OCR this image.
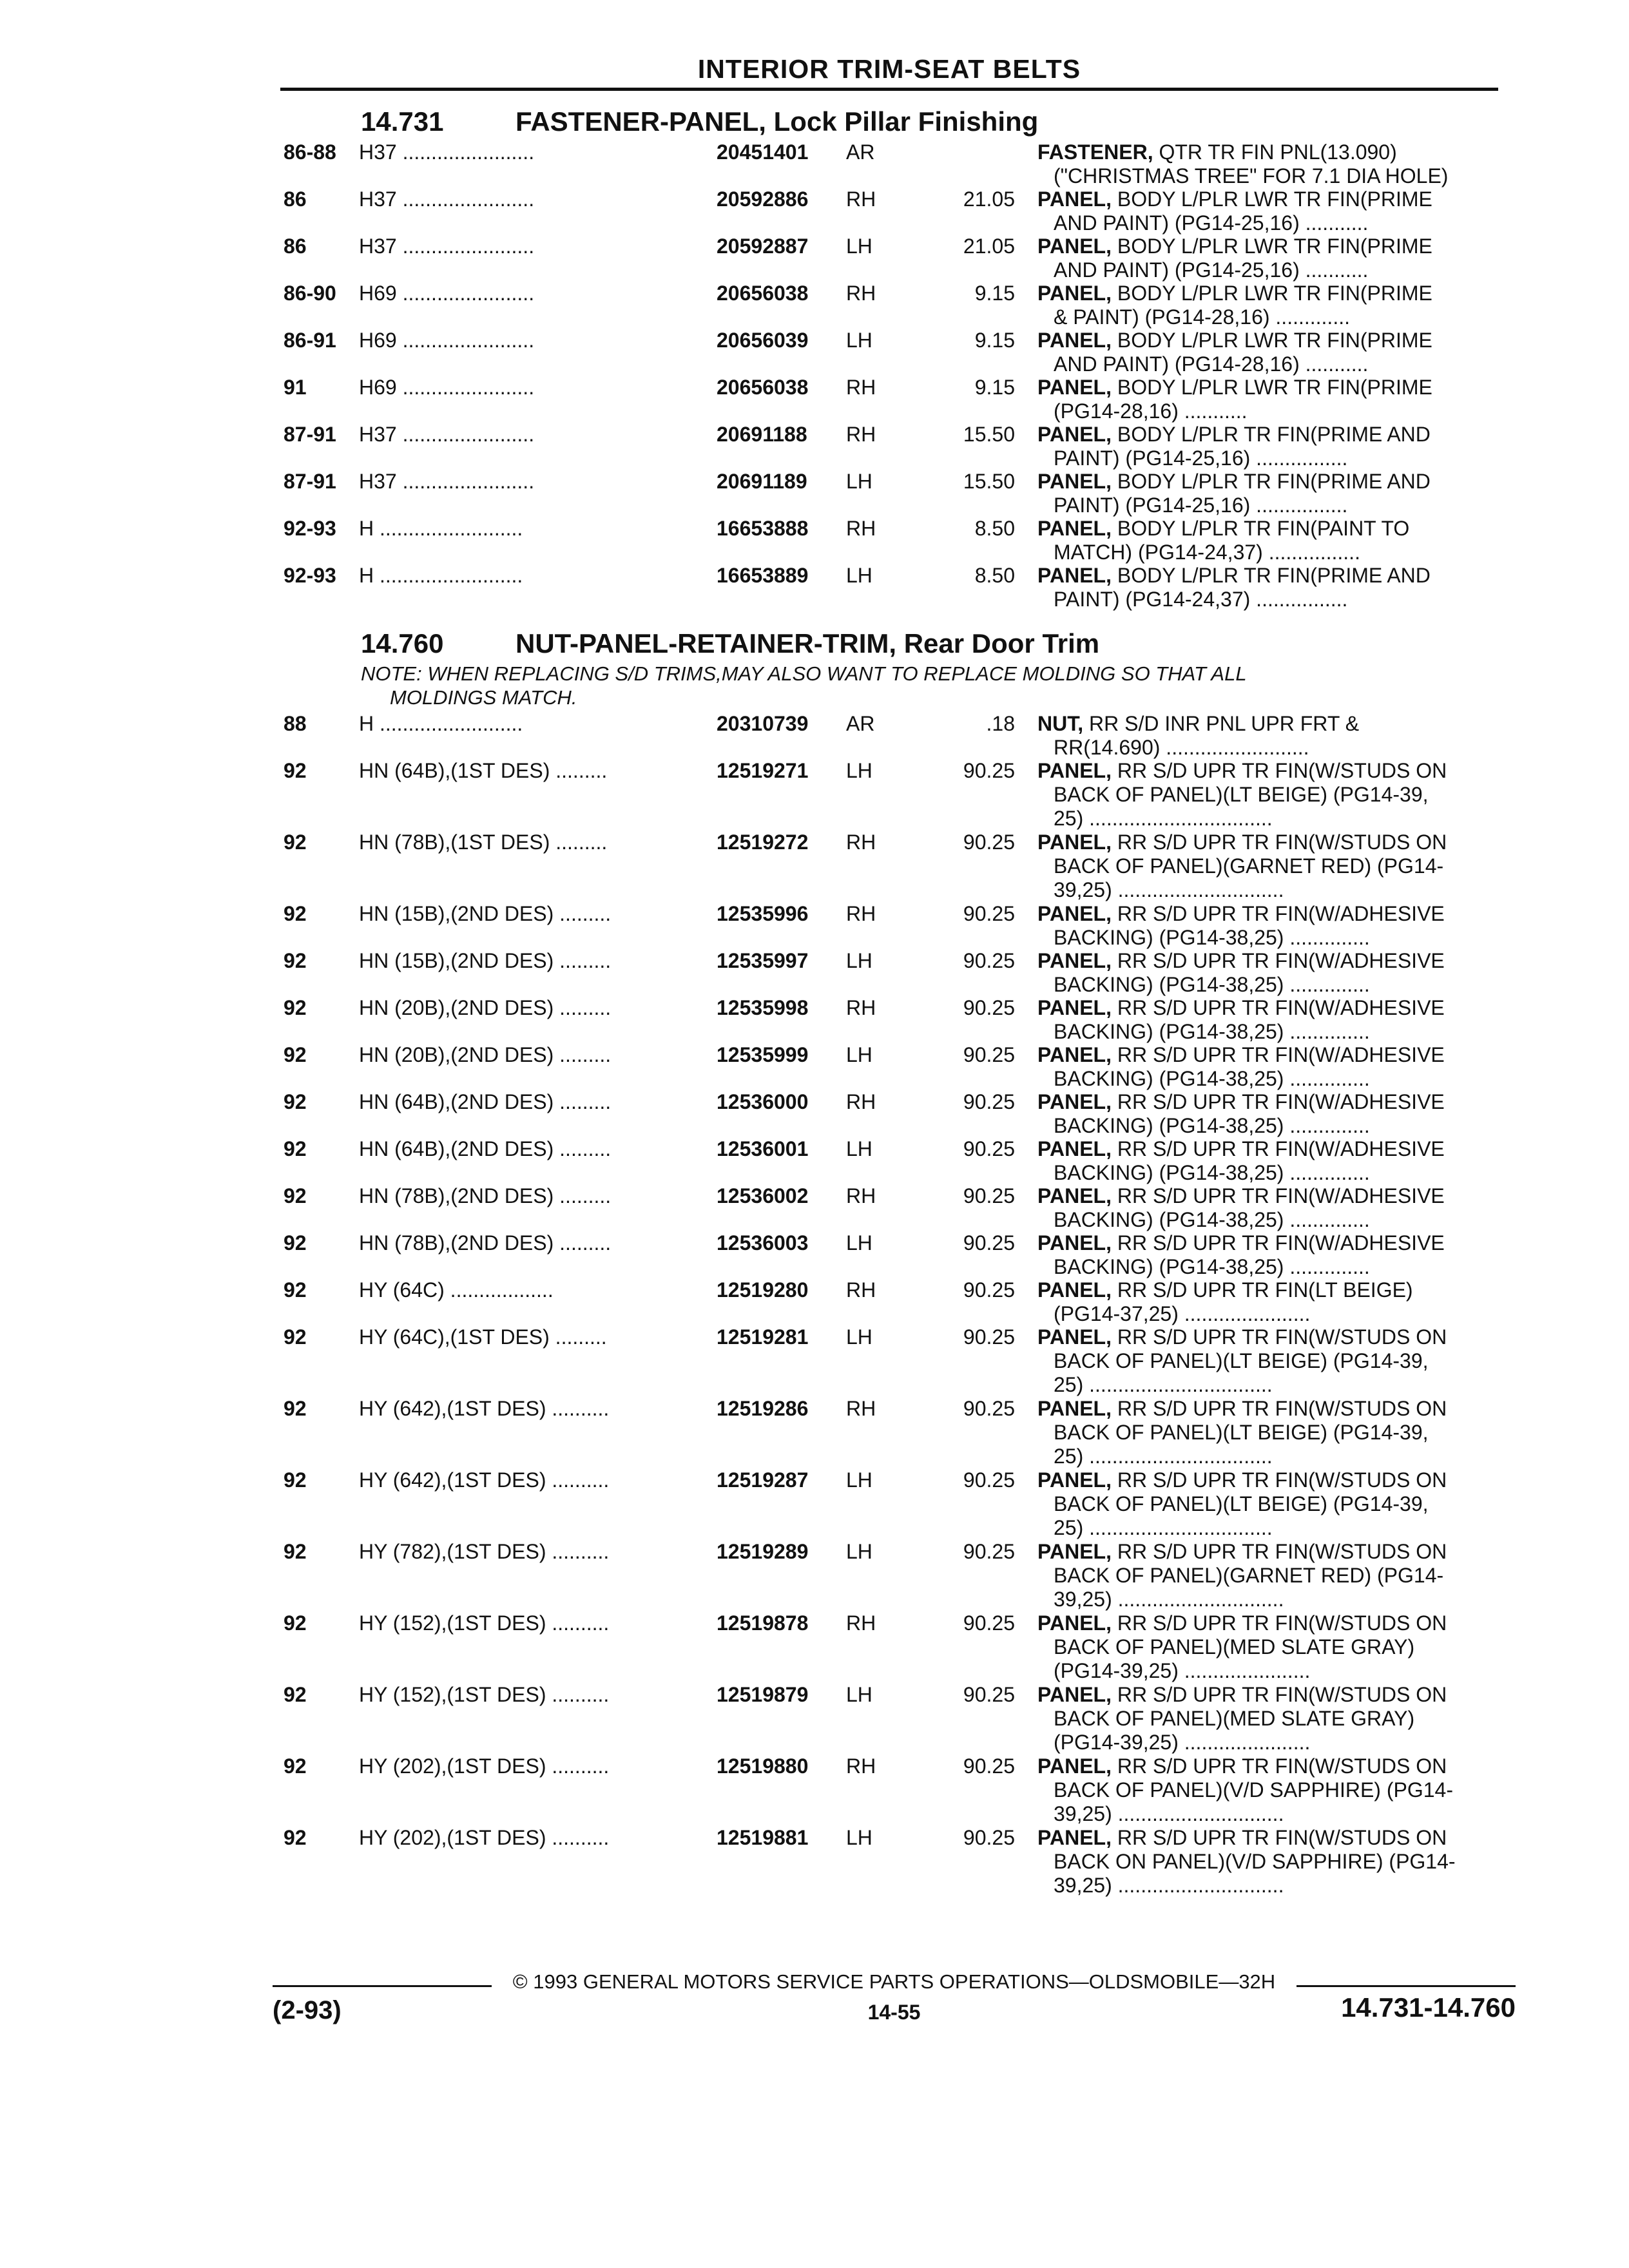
INTERIOR TRIM-SEAT BELTS
14.731	FASTENER-PANEL, Lock Pillar Finishing
86-88 H37 .......................	20451401 AR	FASTENER, QTR TR FIN PNL(13.090)
("CHRISTMAS TREE" FOR 7.1 DIA HOLE)
86	H37 .......................	20592886 RH	21.05 PANEL, BODY L/PLR LWR TR FIN(PRIME
AND PAINT) (PG14-25,16) ...........
86	H37 .......................	20592887 LH	21.05 PANEL, BODY L/PLR LWR TR FIN(PRIME
AND PAINT) (PG14-25,16) ...........
86-90 H69 .......................	20656038 RH	9.15 PANEL, BODY L/PLR LWR TR FIN(PRIME
& PAINT) (PG14-28,16) .............
86-91 H69 .......................	20656039 LH	9.15 PANEL, BODY L/PLR LWR TR FIN(PRIME
AND PAINT) (PG14-28,16) ...........
91	H69 .......................	20656038 RH	9.15 PANEL, BODY L/PLR LWR TR FIN(PRIME
(PG14-28,16) ...........
87-91 H37 .......................	20691188 RH	15.50 PANEL, BODY L/PLR TR FIN(PRIME AND
PAINT) (PG14-25,16) ................
87-91 H37 .......................	20691189 LH	15.50 PANEL, BODY L/PLR TR FIN(PRIME AND
PAINT) (PG14-25,16) ................
92-93 H .........................	16653888 RH	8.50 PANEL, BODY L/PLR TR FIN(PAINT TO
MATCH) (PG14-24,37) ................
92-93 H .........................	16653889 LH	8.50 PANEL, BODY L/PLR TR FIN(PRIME AND
PAINT) (PG14-24,37) ................
14.760	NUT-PANEL-RETAINER-TRIM, Rear Door Trim
NOTE: WHEN REPLACING S/D TRIMS,MAY ALSO WANT TO REPLACE MOLDING SO THAT ALL
MOLDINGS MATCH.
88	H .........................	20310739 AR	.18 NUT, RR S/D INR PNL UPR FRT &
RR(14.690) .........................
92	HN (64B),(1ST DES) .........	12519271 LH	90.25 PANEL, RR S/D UPR TR FIN(W/STUDS ON
BACK OF PANEL)(LT BEIGE) (PG14-39,
25) ................................
92	HN (78B),(1ST DES) .........	12519272 RH	90.25 PANEL, RR S/D UPR TR FIN(W/STUDS ON
BACK OF PANEL)(GARNET RED) (PG14-
39,25) .............................
92	HN (15B),(2ND DES) .........	12535996 RH	90.25 PANEL, RR S/D UPR TR FIN(W/ADHESIVE
BACKING) (PG14-38,25) ..............
92	HN (15B),(2ND DES) .........	12535997 LH	90.25 PANEL, RR S/D UPR TR FIN(W/ADHESIVE
BACKING) (PG14-38,25) ..............
92	HN (20B),(2ND DES) .........	12535998 RH	90.25 PANEL, RR S/D UPR TR FIN(W/ADHESIVE
BACKING) (PG14-38,25) ..............
92	HN (20B),(2ND DES) .........	12535999 LH	90.25 PANEL, RR S/D UPR TR FIN(W/ADHESIVE
BACKING) (PG14-38,25) ..............
92	HN (64B),(2ND DES) .........	12536000 RH	90.25 PANEL, RR S/D UPR TR FIN(W/ADHESIVE
BACKING) (PG14-38,25) ..............
92	HN (64B),(2ND DES) .........	12536001 LH	90.25 PANEL, RR S/D UPR TR FIN(W/ADHESIVE
BACKING) (PG14-38,25) ..............
92	HN (78B),(2ND DES) .........	12536002 RH	90.25 PANEL, RR S/D UPR TR FIN(W/ADHESIVE
BACKING) (PG14-38,25) ..............
92	HN (78B),(2ND DES) .........	12536003 LH	90.25 PANEL, RR S/D UPR TR FIN(W/ADHESIVE
BACKING) (PG14-38,25) ..............
92	HY (64C) ..................	12519280 RH	90.25 PANEL, RR S/D UPR TR FIN(LT BEIGE)
(PG14-37,25) ......................
92	HY (64C),(1ST DES) .........	12519281 LH	90.25 PANEL, RR S/D UPR TR FIN(W/STUDS ON
BACK OF PANEL)(LT BEIGE) (PG14-39,
25) ................................
92	HY (642),(1ST DES) ..........	12519286 RH	90.25 PANEL, RR S/D UPR TR FIN(W/STUDS ON
BACK OF PANEL)(LT BEIGE) (PG14-39,
25) ................................
92	HY (642),(1ST DES) ..........	12519287 LH	90.25 PANEL, RR S/D UPR TR FIN(W/STUDS ON
BACK OF PANEL)(LT BEIGE) (PG14-39,
25) ................................
92	HY (782),(1ST DES) ..........	12519289 LH	90.25 PANEL, RR S/D UPR TR FIN(W/STUDS ON
BACK OF PANEL)(GARNET RED) (PG14-
39,25) .............................
92	HY (152),(1ST DES) ..........	12519878 RH	90.25 PANEL, RR S/D UPR TR FIN(W/STUDS ON
BACK OF PANEL)(MED SLATE GRAY)
(PG14-39,25) ......................
92	HY (152),(1ST DES) ..........	12519879 LH	90.25 PANEL, RR S/D UPR TR FIN(W/STUDS ON
BACK OF PANEL)(MED SLATE GRAY)
(PG14-39,25) ......................
92	HY (202),(1ST DES) ..........	12519880 RH	90.25 PANEL, RR S/D UPR TR FIN(W/STUDS ON
BACK OF PANEL)(V/D SAPPHIRE) (PG14-
39,25) .............................
92	HY (202),(1ST DES) ..........	12519881 LH	90.25 PANEL, RR S/D UPR TR FIN(W/STUDS ON
BACK ON PANEL)(V/D SAPPHIRE) (PG14-
39,25) .............................
© 1993 GENERAL MOTORS SERVICE PARTS OPERATIONS—OLDSMOBILE—32H
(2-93)	14-55	14.731-14.760
